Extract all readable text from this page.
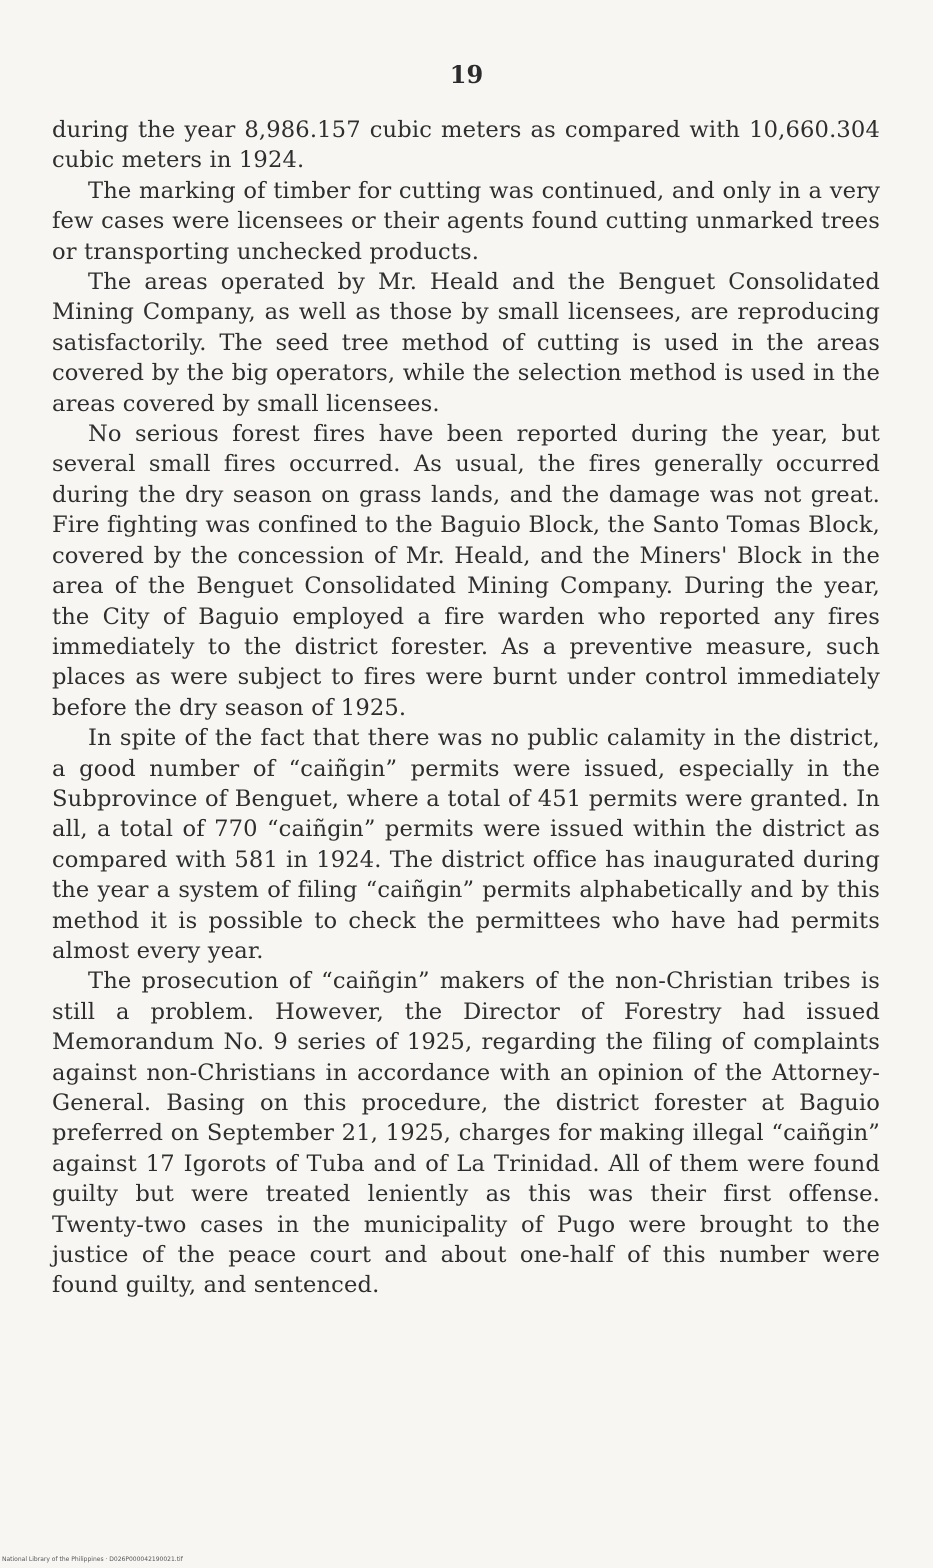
19

during the year 8,986.157 cubic meters as compared with 10,660.304 cubic meters in 1924.

The marking of timber for cutting was continued, and only in a very few cases were licensees or their agents found cutting unmarked trees or transporting unchecked products.

The areas operated by Mr. Heald and the Benguet Consolidated Mining Company, as well as those by small licensees, are reproducing satisfactorily. The seed tree method of cutting is used in the areas covered by the big operators, while the selection method is used in the areas covered by small licensees.

No serious forest fires have been reported during the year, but several small fires occurred. As usual, the fires generally occurred during the dry season on grass lands, and the damage was not great. Fire fighting was confined to the Baguio Block, the Santo Tomas Block, covered by the concession of Mr. Heald, and the Miners' Block in the area of the Benguet Consolidated Mining Company. During the year, the City of Baguio employed a fire warden who reported any fires immediately to the district forester. As a preventive measure, such places as were subject to fires were burnt under control immediately before the dry season of 1925.

In spite of the fact that there was no public calamity in the district, a good number of “caiñgin” permits were issued, especially in the Subprovince of Benguet, where a total of 451 permits were granted. In all, a total of 770 “caiñgin” permits were issued within the district as compared with 581 in 1924. The district office has inaugurated during the year a system of filing “caiñgin” permits alphabetically and by this method it is possible to check the permittees who have had permits almost every year.

The prosecution of “caiñgin” makers of the non-Christian tribes is still a problem. However, the Director of Forestry had issued Memorandum No. 9 series of 1925, regarding the filing of complaints against non-Christians in accordance with an opinion of the Attorney-General. Basing on this procedure, the district forester at Baguio preferred on September 21, 1925, charges for making illegal “caiñgin” against 17 Igorots of Tuba and of La Trinidad. All of them were found guilty but were treated leniently as this was their first offense. Twenty-two cases in the municipality of Pugo were brought to the justice of the peace court and about one-half of this number were found guilty, and sentenced.

National Library of the Philippines · D026P000042190021.tif
